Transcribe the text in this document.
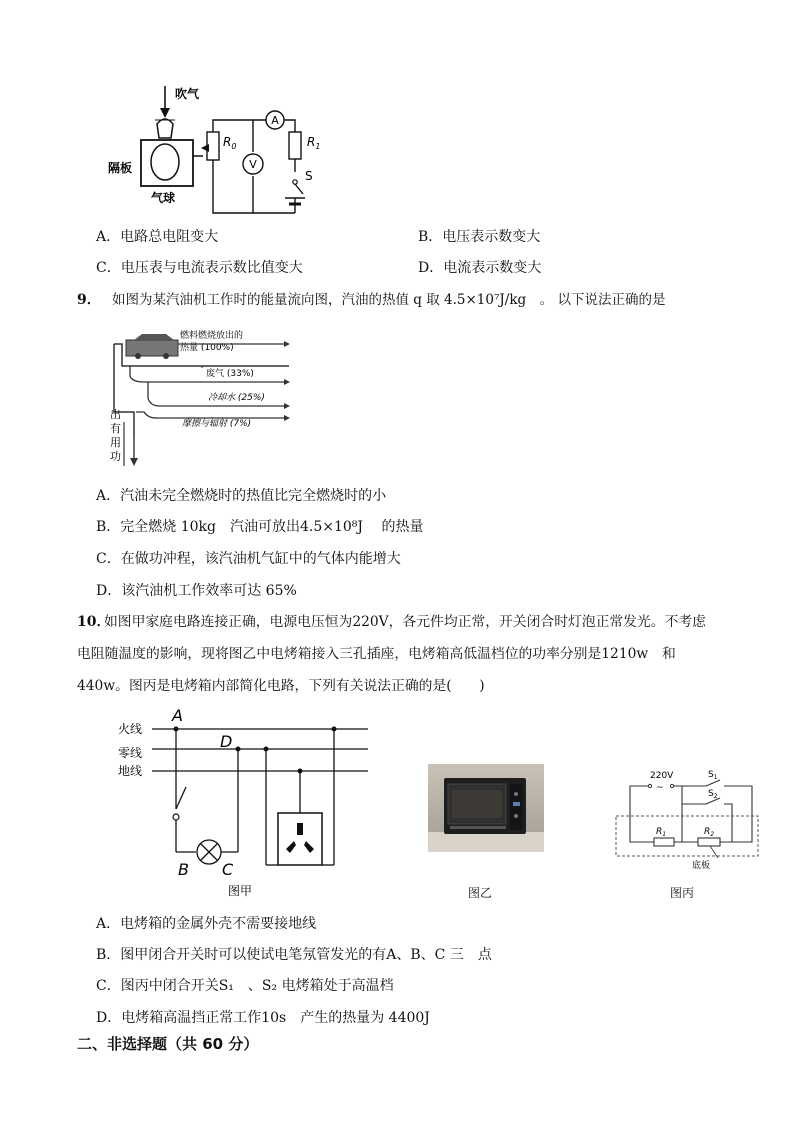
吹气
隔板
气球
$R_0$	$R_1$
A
V
S
A．电路总电阻变大	B．电压表示数变大
C．电压表与电流表示数比值变大	D．电流表示数变大
9． 如图为某汽油机工作时的能量流向图，汽油的热值 q 取 4.5×10⁷J/kg　。 以下说法正确的是
燃料燃烧放出的
热量 (100%)
废气 (33%)
冷却水 (25%)
摩擦与辐射 (7%)
出
有
用
功
A．汽油未完全燃烧时的热值比完全燃烧时的小
B．完全燃烧 10kg　汽油可放出4.5×10⁸J　 的热量
C．在做功冲程，该汽油机气缸中的气体内能增大
D．该汽油机工作效率可达 65%
10．
如图甲家庭电路连接正确，电源电压恒为220V，各元件均正常，开关闭合时灯泡正常发光。不考虑
电阻随温度的影响，现将图乙中电烤箱接入三孔插座，电烤箱高低温档位的功率分别是1210w　和
440w。图丙是电烤箱内部简化电路，下列有关说法正确的是(　　)
火线
零线
地线
A
D
B C
图甲	图乙
220V
~
$S_1$
$S_2$
$R_1$	$R_2$
底板
图丙
A．电烤箱的金属外壳不需要接地线
B．图甲闭合开关时可以使试电笔氖管发光的有A、B、C 三　点
C．图丙中闭合开关S₁　、S₂ 电烤箱处于高温档
D．电烤箱高温挡正常工作10s　产生的热量为 4400J
二、非选择题（共 60 分）
